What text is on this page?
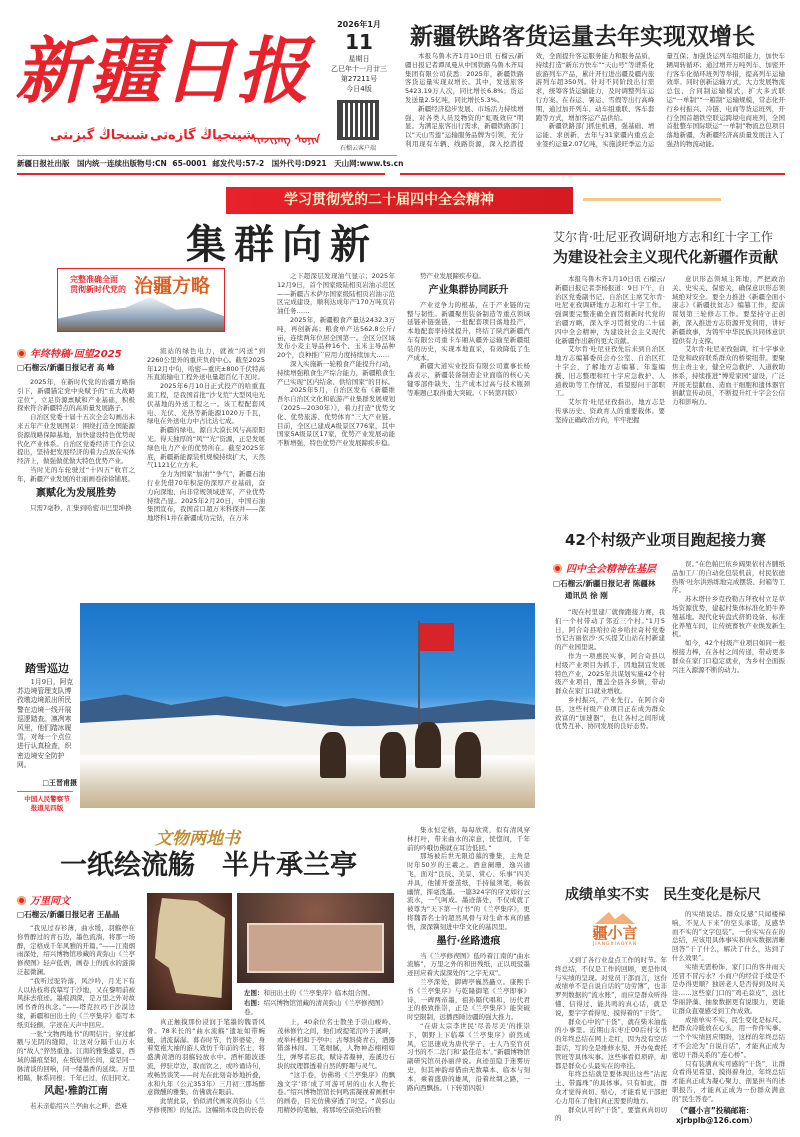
新疆日报
شىنجاڭ گېزىتى شينجياڭ گازەتى
ᠰᠢᠨᠵᠢᠶᠠᠩ ᠰᠤᠨᠢᠨ
2026年1月
11
星期日
乙巳年十一月廿三
第27211号
今日4版
石榴云客户端
新疆日报社出版　国内统一连续出版物号:CN 65-0001 邮发代号:57-2　国外代号:D921　天山网:www.ts.cn
新疆铁路客货运量去年实现双增长

本报乌鲁木齐1月10日讯 石榴云/新疆日报记者谭凤曼从中国铁路乌鲁木齐局集团有限公司获悉：2025年，新疆铁路客货运量实现双增长。其中，发送旅客5423.19万人次，同比增长6.8%；货运发送量2.5亿吨，同比增长5.3%。

新疆经济稳步发展、市场活力持续增强，对各类人员及物资的“虹吸效应”明显。为满足旅客出行需求，新疆铁路部门以“天山雪莲”运输服务品牌为引领，充分利用现有车辆、线路资源，深入挖潜提效，全面提升客运服务能力和服务品质，持续打造“新东方快车”“天山号”等谱系化旅游列车产品，累计开行进出疆及疆内旅游列车超350列。针对不同阶段出行需求，统筹客货运输能力，及时调整列车运行方案。在春运、暑运、雪假等出行高峰期，通过加开列车、动车组重联、客车套跑等方式，增加客运产品供给。

新疆铁路部门抓住机遇，强基础、增运能、求创新，去年与31家疆内重点企业签约运量2.07亿吨，实施淡旺季运力运量互保；加强货运列车组织能力，加快车辆周转循环；通过增开万吨列车、加密开行客车化循环班列等举措，提高列车运输效率。同时创新运输方式，大力发展物流总包、合同制运输模式，扩大多式联运“一单制”“一箱制”运输规模，常态化开行乡村振兴、冷链、电商等货运班列，开行全国首趟铁空联运跨境电商班列，全国首批整车国际联运“一单制”物流总包项目落地新疆，为新疆经济高质量发展注入了强劲的物流动能。

学习贯彻党的二十届四中全会精神
集群向新
完整准确全面
贯彻新时代党的 治疆方略
年终特稿·回望2025
□石榴云/新疆日报记者 高 峰

2025年，在新时代党的治疆方略指引下，新疆锚定党中央赋予的“五大战略定位”，立足资源禀赋和产业基础，积极探索符合新疆特点的高质量发展路子。

自治区党委十届十五次全会勾画出未来五年产业发展图景：围绕打造全国能源资源战略保障基地，加快建设特色优势现代化产业体系。自治区党委经济工作会议提出，坚持把发展经济的着力点放在实体经济上，做强做优做大特色优势产业。

当时光的车轮驶过“十四五”收官之年，新疆产业发展的壮丽画卷徐徐铺展。

禀赋化为发展胜势

只需7毫秒，汇集到哈密市巴里坤换

流站的绿色电力，就被“闪送”到2260公里外的重庆负荷中心。截至2025年12月中旬，哈密—重庆±800千伏特高压直流输电工程外送电量超百亿千瓦时。

2025年6月10日正式投产的哈重直流工程，是我国首批“沙戈荒”大型风电光伏基地的外送工程之一。该工程配套风电、光伏、光热等新能源1020万千瓦，绿电在外送电力中占比达七成。

新疆的绿电，源自大漠长风与高原阳光。得天独厚的“风”“光”资源，正是发展绿色电力产业的优势所在。截至2025年底，新疆新能源装机规模持续扩大，天然气1121亿立方米。

全力为国家“加油”“争气”，新疆石油行业凭借70年积淀的深厚产业基础，奋力向深地、向非常规领域进军，产业优势持续凸显。2025年2月20日，中国石油集团宣布，我国首口超万米科探井——深地塔科1井在新疆成功完钻，在万米

之下超深层发现油气显示；2025年12月9日，首个国家级陆相页岩油示范区——新疆吉木萨尔国家级陆相页岩油示范区完成建设，顺利达成年产170万吨页岩油任务……

2025年，新疆粮食产量达2432.3万吨，再创新高；粮食单产达562.8公斤/亩，连续两年位居全国第一。全区分区域发布小麦主导品种16个、玉米主导品种20个，良种推广应用力度持续加大……

深入实施新一轮粮食产能提升行动，持续增强粮食生产综合能力，新疆粮食生产已实现“区内结余、供给国家”的目标。

2025年5月，自治区发布《新疆维吾尔自治区文化和旅游产业集群发展规划（2025—2030年）》，着力打造“优势文化、优势旅游、优势体育”三大产业链。目前，全区已建成A级景区776家，其中国家5A级景区17家，优势产业发展动能不断增强，特色优势产业发展蹄疾步稳。

势产业发展蹄疾步稳。

产业集群协同跃升

产业竞争力的根基，在于产业链的完整与韧性。新疆聚焦装备制造等重点领域延链补链强链，一批配套项目落地投产，本地配套率持续提升，终结了陕汽新疆汽车有限公司重卡车厢从疆外运输至新疆组装的历史，实现本地直采，有效降低了生产成本。

新疆大道实业投资有限公司董事长杨森表示，新疆装备制造企业面临的核心关键零部件缺失、生产成本过高与技术瓶颈等难题已取得重大突破。（下转第四版）

艾尔肯·吐尼亚孜调研地方志和红十字工作
为建设社会主义现代化新疆作贡献

本报乌鲁木齐1月10日讯 石榴云/新疆日报记者李杨报道：9日下午，自治区党委副书记、自治区主席艾尔肯·吐尼亚孜调研地方志和红十字工作。强调要完整准确全面贯彻新时代党的治疆方略，深入学习贯彻党的二十届四中全会精神，为建设社会主义现代化新疆作出新的更大贡献。

艾尔肯·吐尼亚孜先后来到自治区地方志编纂委员会办公室、自治区红十字会，了解地方志编纂、年鉴编撰、旧志整理和红十字应急救护、人道救助等工作情况，看望慰问干部职工。

艾尔肯·吐尼亚孜指出，地方志是传承历史、资政育人的重要载体。要坚持正确政治方向，牢牢把握

意识形态领域主阵地，严把政治关、史实关、保密关，确保意识形态领域绝对安全。要全力推进《新疆全面小康志》《新疆扶贫志》编纂工作，提前谋划第三轮修志工作。要坚持守正创新，深入推进方志资源开发利用，讲好新疆故事，为铸牢中华民族共同体意识提供有力支撑。

艾尔肯·吐尼亚孜强调，红十字事业是党和政府联系群众的桥梁纽带。要聚焦主责主业，健全应急救护、人道救助体系，持续推进“博爱家园”建设，广泛开展无偿献血、造血干细胞和遗体器官捐献宣传动员，不断提升红十字会公信力和影响力。

42个村级产业项目跑起接力赛
四中全会精神在基层
□石榴云/新疆日报记者 陈疆林
通讯员 徐 刚

“现在村里建厂就像跑接力赛，我们一个村带动了邻近三个村。”1月5日，阿合奇县哈拉奇乡哈拉奇村党委书记古丽依沙·买买提艾山站在村新建的产业园里说。

作为一项惠民实事，阿合奇县以村级产业项目为抓手，因地制宜发展特色产业，2025年共谋划实施42个村级产业项目，覆盖全县各乡镇，带动群众在家门口就业增收。

乡村振兴，产业先行。在阿合奇县，这些村级产业项目正在成为群众致富的“加速器”，也让各村之间形成优势互补、协同发展的良好态势。

误。”在色帕巴依乡阔果依村杏脯纸品加工厂的自动化包装机前，村民依德热斯·吐尔洪熟练地完成摆袋、封箱等工序。

苏木塔什乡克孜勒吉拜孜村立足草场资源优势，建起村集体标准化奶牛养殖基地。现代化转盘式挤奶设备、标准化养殖车间，让传统畜牧产业焕发新生机。

如今，42个村级产业项目如同一根根接力棒，在各村之间传递，带动更多群众在家门口稳定就业，为乡村全面振兴注入源源不断的动力。

踏雪巡边
1月9日，阿克苏边境管理支队博孜墩边境派出所民警在边境一线开展巡逻踏查。凛冽寒风里，他们踏冰履雪，对每一个点位进行认真检查，织密边境安全防护网。
□王晋甫摄
中国人民警察节
报道见四版
文物两地书
一纸绘流觞　半片承兰亭
万里同文
□石榴云/新疆日报记者 王晶晶

“我见过春衫薄，曲水缓，羽觞停在你曾醉过的青石边，墨色流淌，将那一场醉，定格成千年风雅的开篇。”——江南烟雨深处，绍兴博物馆珍藏的黄弥山《兰亭修禊图》轻声低语，画卷上的流水的涟漪泛起微澜。

“我听过驼铃落，风沙吟，月光下有人以枯枝将我摹写于沙地，又在黎明前被风抹去痕迹。墨痕洇深，是万里之外对故园书香的执念。”——塔克拉玛干沙漠边缘，新疆和田出土的《兰亭集序》临写本纸页轻颤，字迹在天声中回应。

一张“文物两地书”的明信片，穿过邮戳与光阴的缝隙，让这对分隔千山万水的“故人”猝然重逢。江南的雅集盛景，西域的墨痕坚韧，在纸短情长间，竟是同一脉清谈的回响，同一缕墨香的延续。万里相隔，脉系同根；千年已过，依旧同文。

风起·雅韵江南

若未亲临绍兴兰亭曲水之畔，恐难

左图：和田出土的《兰亭集序》临本组合图。
右图：绍兴博物馆馆藏的清黄弥山《兰亭修禊图》卷。

真正触摸那份浸润于笔墨的魏晋风骨。78米长的“曲水流觞”遗址如带蜿蜒，清流潺潺。暮春时节，竹影婆娑，身着宽袍大袖的游人效仿千年前的名士，将盛满黄酒的羽觞轻放水中。酒杯随波逐流，停驻岸边，取而饮之，或吟诵诗句，或畅然谈笑——时光在此刻奇妙地折叠，永和九年（公元353年）三月初三那场醉意微醺的雅集，仿佛就在眼前。

此情此景，恰似清代画家黄弥山《兰亭修禊图》的复活。这幅绢本设色的长卷

上，40余位名士散坐于崇山峻岭、茂林修竹之间，他们或提笔沉吟于溪畔，或举杯相和于亭中；古琴斜倚青石，酒器错落林间。工笔细腻，人物神态栩栩如生，弹琴者忘我，赋诗者凝神，连溪边石块的纹理都透着自然的野趣与灵气。

“这手卷，仿佛将《兰亭集序》的飘逸文字‘译’成了可游可居的山水人物长卷。”绍兴博物馆馆长何鸣雷凝视着画框中的画卷，目光仿佛穿透了时空。“黄弥山用精妙的笔触，将那场空前绝后的雅

集永恒定格，每每欣赏，似有清风穿林打叶，带来曲水的凉意，恍惚间，千年前的吟哦仿佛就在耳边低回。”

那场被后世无限追慕的雅集，主角是时年50岁的王羲之。酒意阑珊，逸兴遄飞，面对“良辰、美景、赏心、乐事”四美并具，他铺开蚕茧纸，手持鼠须笔，畅叙幽情，挥毫泼墨。一篇324字的序文如行云流水，一气呵成。墨迹落处，不仅成就了被尊为“天下第一行书”的《兰亭集序》，更将魏晋名士的超然风骨与对生命本真的感悟，深深镌刻进中华文化的基因里。

墨行·丝路遗痕

当《兰亭修禊图》低吟着江南的“曲水流觞”，万里之外的和田残纸，正以斑驳墨迹回应着大漠深处的“之字无双”。

兰亭深处，御碑亭巍然矗立。康熙手书《兰亭集序》与乾隆御笔《兰亭即事》诗，一碑两帝墨，祖孙隔代唱和，历代君王的极致推崇，正是《兰亭集序》能突破时空限制，远播西陲边疆的强大推力。

“在唐太宗李世民‘尽善尽美’的推崇下，朝野上下临摹《兰亭集序》蔚然成风，它迅速成为唐代学子、士人乃至官员习书的不二法门和‘最佳范本’。”新疆博物馆副研究馆员孙丽萍说。真迹虽隐于迷雾历史，但其神韵却借由无数摹本、临本与刻本，乘着盛唐的雄风，沿着丝绸之路，一路向西飘扬。（下转第四版）

成绩单实不实　民生变化是标尺
疆小言
JIANGXIAOYAN

又到了各行业盘点工作的时节。年终总结，不仅是工作的回顾，更是作风与实绩的呈现。对党员干部而言，这份成绩单不是自说自话的“功劳簿”，也非罗列数据的“流水账”，而应是群众听得懂、信得过、能共鸣的真心话，就是说，要字字看得见、摸得着的“干货”。

群众心中的“干货”，就在柴米油盐的小事里。近期山东枣庄00后村支书的年终总结在网上走红，因为没有空话套话，写的全是维修水渠、开办免费托管班等具体实事。这些事看似琐碎，却都是群众心头最实在的牵挂。

年终总结就是要体现出这些“沾泥土、带露珠”的具体事。只有如此，群众才觉得真切、贴心，才能看见干部把心力用在了他们真正需要的地方。

群众认可的“干货”，要靠真真切切的

的实绩说话。群众反感“只闻楼梯响，不见人下来”的空头承诺，反感华而不实的“文字包装”。一份实实在在的总结，应该用具体事实和真实数据清晰回答“干了什么，解决了什么，达到了什么效果”。

实绩无需粉饰，家门口的客井雨天还冒不冒污水？小商户的经营手续是不是办得更顺？独居老人是否得到及时关注……这些家门口的“鸡毛蒜皮”，远比华丽辞藻、抽象数据更有说服力，更能让群众直观感受到工作成效。

成绩单实不实，民生变化是标尺。把群众冷暖放在心头，用一件件实事、一个个实绩回应期盼，这样的年终总结才不会沦为“自说自话”，才能真正成为密切干群关系的“连心桥”。

只有装满真实可感的“干货”，让群众看得见希望、摸得着身边，年终总结才能真正成为凝心聚力、剖显担当的述职报告，才能真正成为一份群众满意的“民生答卷”。

（“疆小言”投稿邮箱：xjrbplb@126.com）
